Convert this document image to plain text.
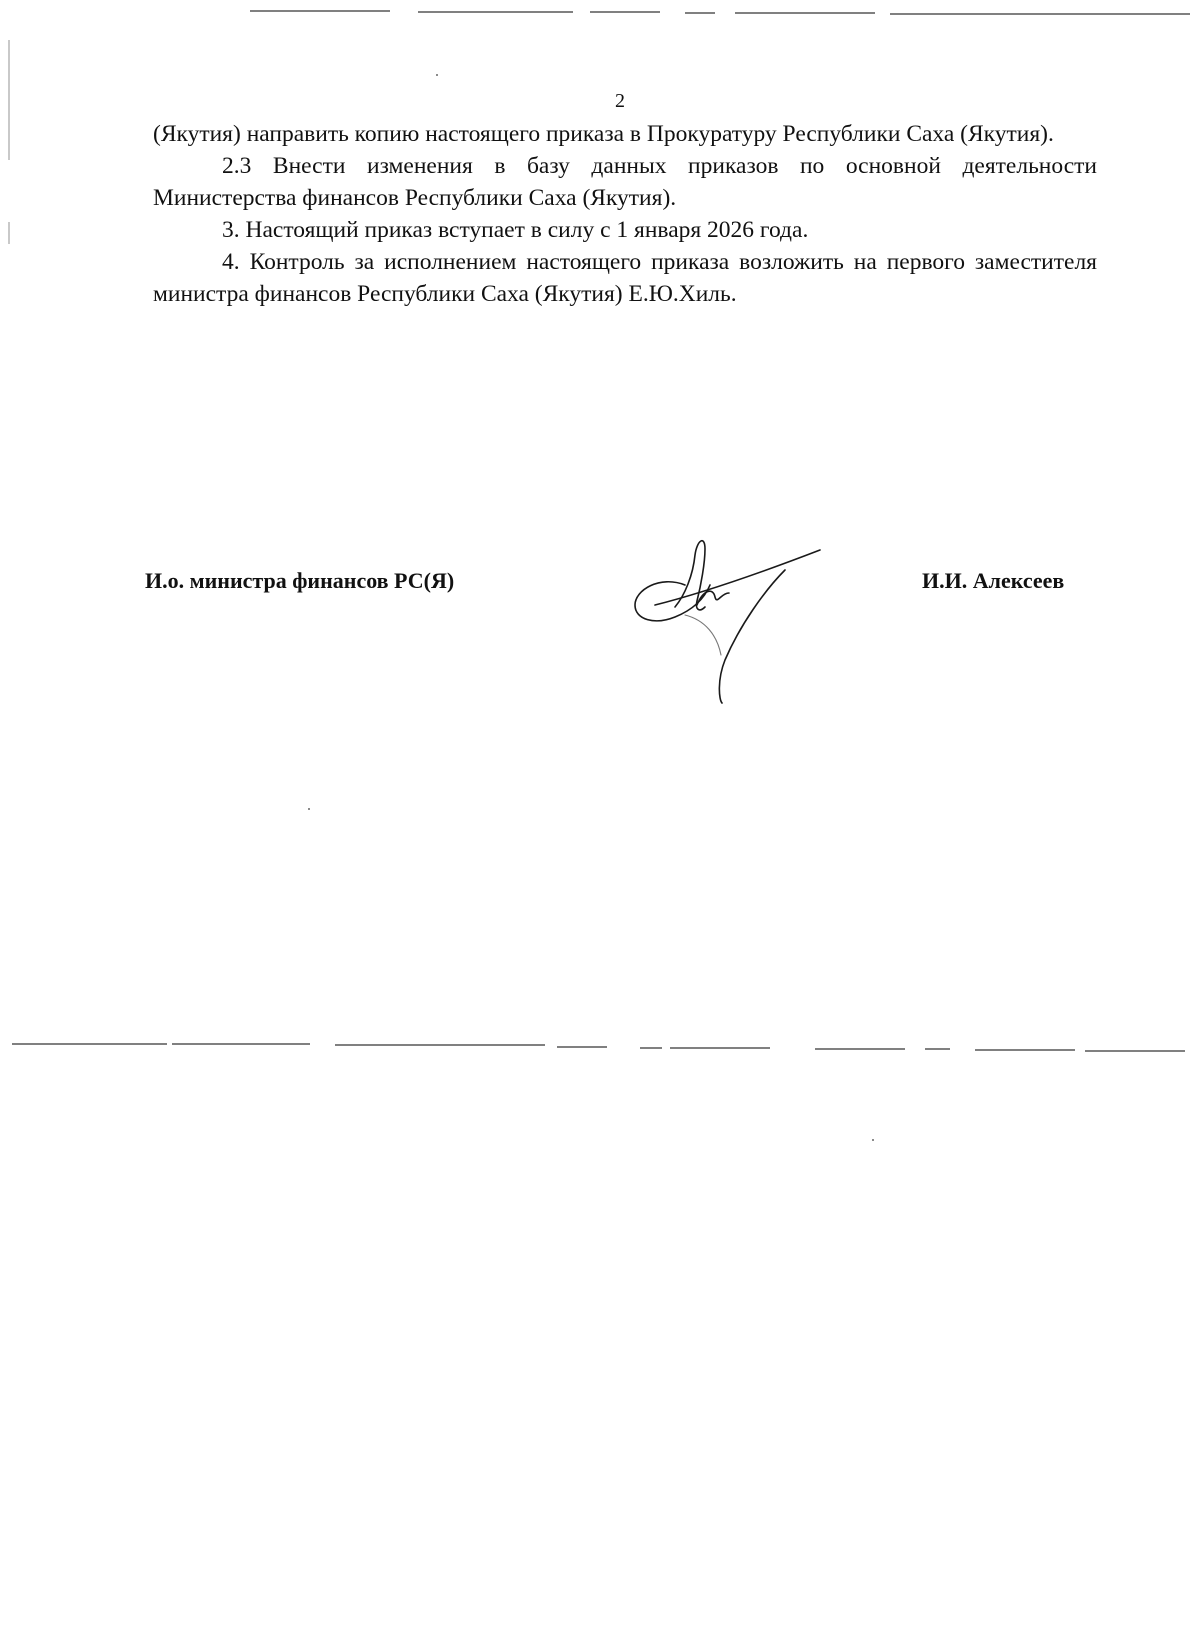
2

(Якутия) направить копию настоящего приказа в Прокуратуру Республики Саха (Якутия).

2.3 Внести изменения в базу данных приказов по основной деятельности Министерства финансов Республики Саха (Якутия).

3. Настоящий приказ вступает в силу с 1 января 2026 года.

4. Контроль за исполнением настоящего приказа возложить на первого заместителя министра финансов Республики Саха (Якутия) Е.Ю.Хиль.

И.о. министра финансов РС(Я)	И.И. Алексеев
